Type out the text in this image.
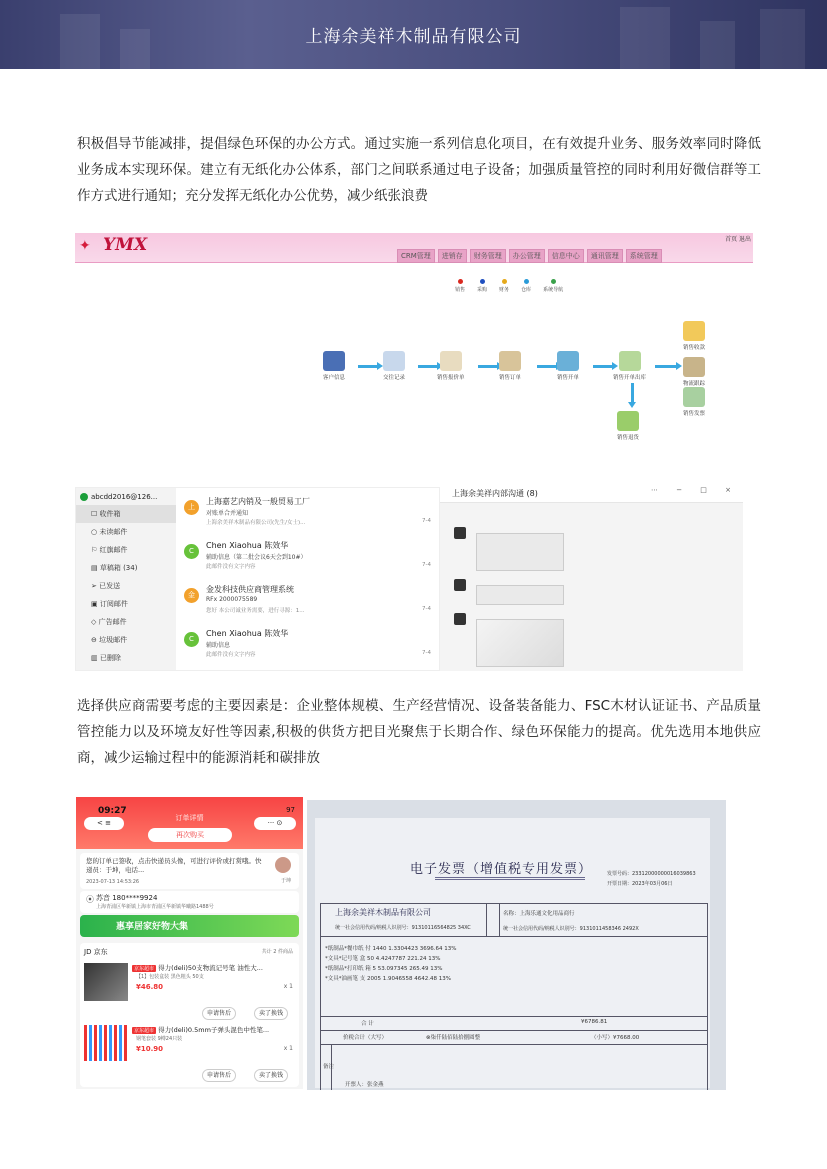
上海余美祥木制品有限公司

积极倡导节能减排，提倡绿色环保的办公方式。通过实施一系列信息化项目，在有效提升业务、服务效率同时降低业务成本实现环保。建立有无纸化办公体系，部门之间联系通过电子设备；加强质量管控的同时利用好微信群等工作方式进行通知；充分发挥无纸化办公优势，减少纸张浪费

✦ YMX	首页 退出
CRM管理	进销存	财务管理	办公管理	信息中心	通讯管理	系统管理
销售 采购 财务 仓库 系统导航
客户信息	交往记录	销售报价单	销售订单	销售开单	销售开单出库
销售收款
物流跟踪
销售发票
销售退货
abcdd2016@126...
☐ 收件箱
○ 未读邮件
⚐ 红旗邮件
▤ 草稿箱 (34)
➢ 已发送
▣ 订阅邮件
◇ 广告邮件
⊖ 垃圾邮件
▥ 已删除
上
上海嘉艺内销及一般贸易工厂
对账单合并通知
上海余美祥木制品有限公司(先生/女士)...	7-4
C
Chen Xiaohua 陈效华
辅助信息（第二批会议6天会到10#）
此邮件没有文字内容	7-4
金
金发科技供应商管理系统
RFx 2000075589
您好 本公司诚业务需要，进行寻源：1...	7-4
C
Chen Xiaohua 陈效华
辅助信息
此邮件没有文字内容	7-4
上海余美祥内部沟通 (8)	⋯ − □ ×

选择供应商需要考虑的主要因素是：企业整体规模、生产经营情况、设备装备能力、FSC木材认证证书、产品质量管控能力以及环境友好性等因素,积极的供货方把目光聚焦于长期合作、绿色环保能力的提高。优先选用本地供应商，减少运输过程中的能源消耗和碳排放

09:27	97
订单详情
< ≡	··· ⊙
再次购买
您的订单已签收，点击快递员头像，可进行评价或打赏哦。快递员：于坤，电话...
2023-07-13 14:53:26	于坤
⦿ 苏音 180****9924
上海青浦区华新镇上海市青浦区华新镇华曦路1488号
惠享居家好物大集
JD 京东	共计 2 件商品
京东超市 得力(deli)50支物流记号笔 油性大...
【1】包装盒装 黑色粗头 50支
¥46.80	x 1
申请售后	卖了换钱
京东超市 得力(deli)0.5mm子弹头混色中性笔...
钢笔套装 9樽24只装
¥10.90	x 1
申请售后	卖了换钱
电子发票（增值税专用发票）	发票号码：23312000000016039863
开票日期：2023年03月06日
上海余美祥木制品有限公司
统一社会信用代码/纳税人识别号：91310116564825 34XC
名称：上海乐通文化用品商行
统一社会信用代码/纳税人识别号：9131011458346 2492X
*纸制品*餐巾纸 付 1440 1.3304423 3696.64 13%
*文具*记号笔 盒 50 4.4247787 221.24 13%
*纸制品*打印纸 箱 5 53.097345 265.49 13%
*文具*油画笔 支 2005 1.9046558 4642.48 13%
合 计	¥6786.81
价税合计（大写）	⊗柒仟陆佰陆拾捌圆整	（小写）¥7668.00
备注
开票人：张金燕
